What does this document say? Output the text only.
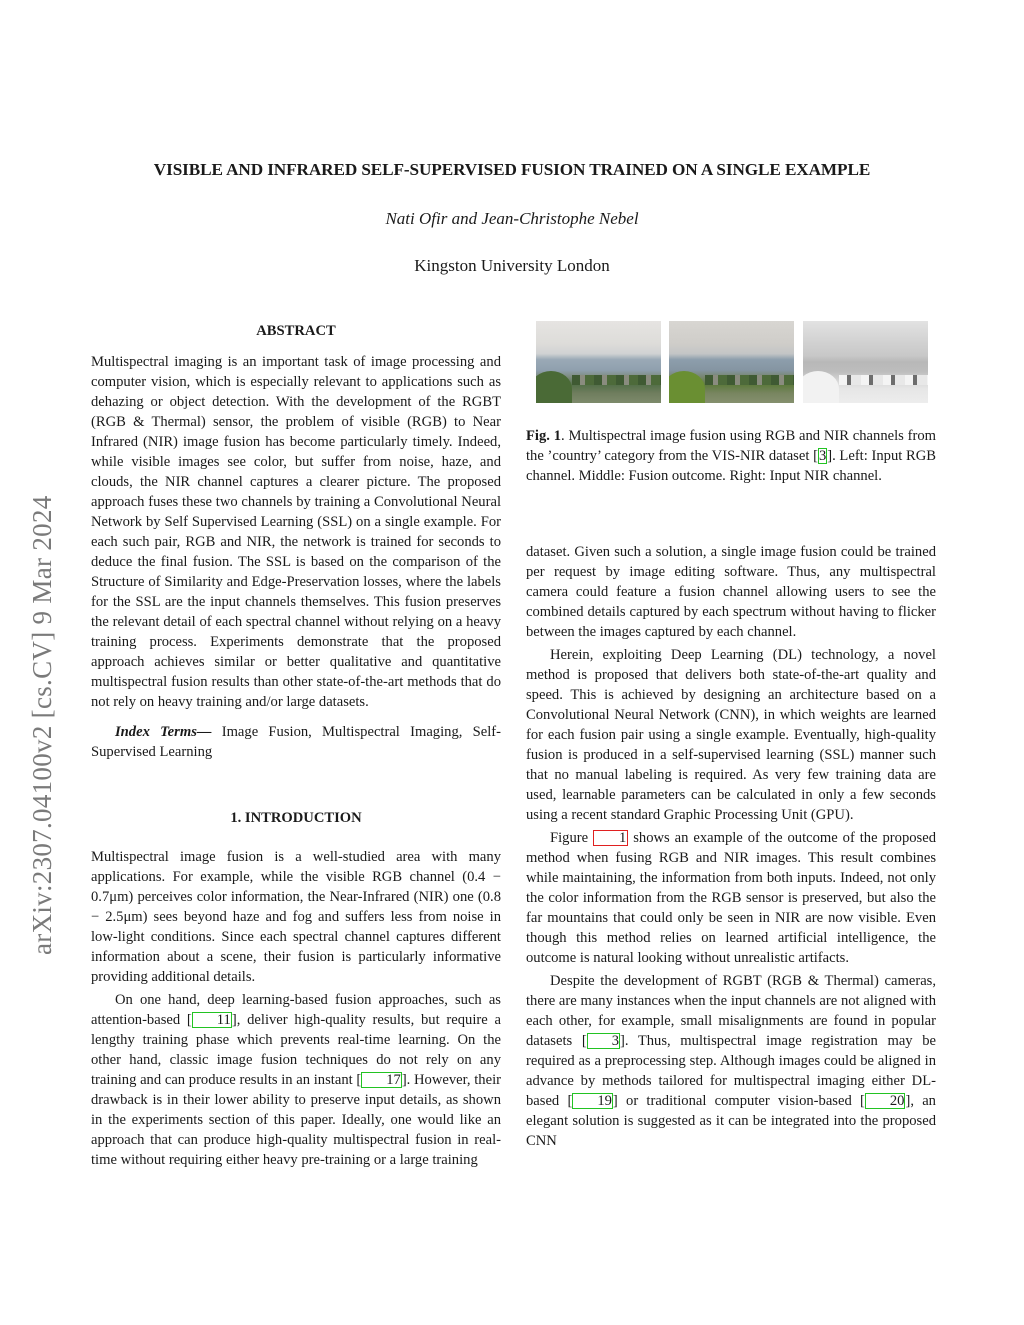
VISIBLE AND INFRARED SELF-SUPERVISED FUSION TRAINED ON A SINGLE EXAMPLE
Nati Ofir and Jean-Christophe Nebel
Kingston University London
arXiv:2307.04100v2 [cs.CV] 9 Mar 2024
ABSTRACT

Multispectral imaging is an important task of image processing and computer vision, which is especially relevant to applications such as dehazing or object detection. With the development of the RGBT (RGB & Thermal) sensor, the problem of visible (RGB) to Near Infrared (NIR) image fusion has become particularly timely. Indeed, while visible images see color, but suffer from noise, haze, and clouds, the NIR channel captures a clearer picture. The proposed approach fuses these two channels by training a Convolutional Neural Network by Self Supervised Learning (SSL) on a single example. For each such pair, RGB and NIR, the network is trained for seconds to deduce the final fusion. The SSL is based on the comparison of the Structure of Similarity and Edge-Preservation losses, where the labels for the SSL are the input channels themselves. This fusion preserves the relevant detail of each spectral channel without relying on a heavy training process. Experiments demonstrate that the proposed approach achieves similar or better qualitative and quantitative multispectral fusion results than other state-of-the-art methods that do not rely on heavy training and/or large datasets.

Index Terms— Image Fusion, Multispectral Imaging, Self-Supervised Learning

1. INTRODUCTION

Multispectral image fusion is a well-studied area with many applications. For example, while the visible RGB channel (0.4 − 0.7μm) perceives color information, the Near-Infrared (NIR) one (0.8 − 2.5μm) sees beyond haze and fog and suffers less from noise in low-light conditions. Since each spectral channel captures different information about a scene, their fusion is particularly informative providing additional details.

On one hand, deep learning-based fusion approaches, such as attention-based [ 11], deliver high-quality results, but require a lengthy training phase which prevents real-time learning. On the other hand, classic image fusion techniques do not rely on any training and can produce results in an instant [ 17]. However, their drawback is in their lower ability to preserve input details, as shown in the experiments section of this paper. Ideally, one would like an approach that can produce high-quality multispectral fusion in real-time without requiring either heavy pre-training or a large training

Fig. 1. Multispectral image fusion using RGB and NIR channels from the ’country’ category from the VIS-NIR dataset [3]. Left: Input RGB channel. Middle: Fusion outcome. Right: Input NIR channel.

dataset. Given such a solution, a single image fusion could be trained per request by image editing software. Thus, any multispectral camera could feature a fusion channel allowing users to see the combined details captured by each spectrum without having to flicker between the images captured by each channel.

Herein, exploiting Deep Learning (DL) technology, a novel method is proposed that delivers both state-of-the-art quality and speed. This is achieved by designing an architecture based on a Convolutional Neural Network (CNN), in which weights are learned for each fusion pair using a single example. Eventually, high-quality fusion is produced in a self-supervised learning (SSL) manner such that no manual labeling is required. As very few training data are used, learnable parameters can be calculated in only a few seconds using a recent standard Graphic Processing Unit (GPU).

Figure 1 shows an example of the outcome of the proposed method when fusing RGB and NIR images. This result combines while maintaining, the information from both inputs. Indeed, not only the color information from the RGB sensor is preserved, but also the far mountains that could only be seen in NIR are now visible. Even though this method relies on learned artificial intelligence, the outcome is natural looking without unrealistic artifacts.

Despite the development of RGBT (RGB & Thermal) cameras, there are many instances when the input channels are not aligned with each other, for example, small misalignments are found in popular datasets [ 3]. Thus, multispectral image registration may be required as a preprocessing step. Although images could be aligned in advance by methods tailored for multispectral imaging either DL-based [ 19] or traditional computer vision-based [ 20], an elegant solution is suggested as it can be integrated into the proposed CNN
